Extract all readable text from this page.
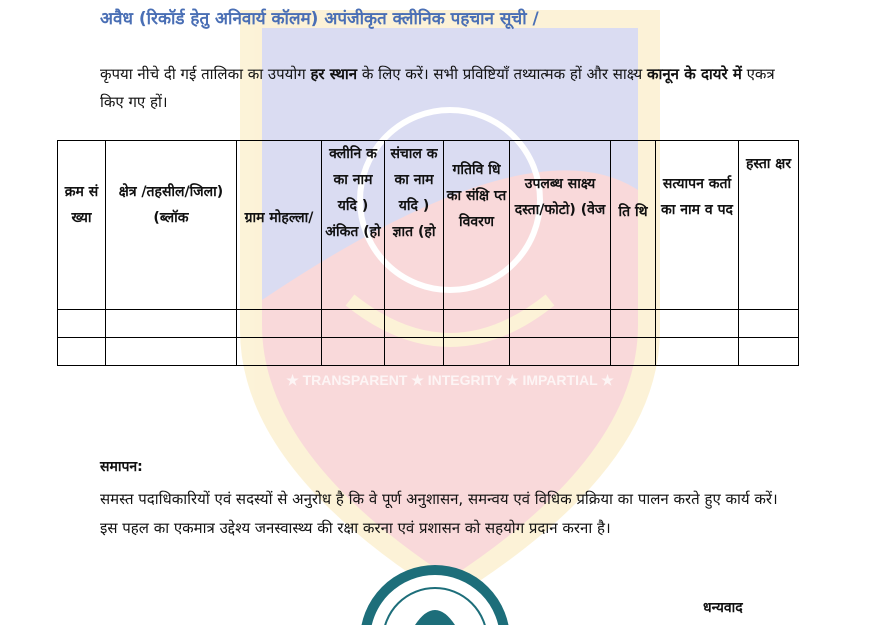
★ TRANSPARENT ★ INTEGRITY ★ IMPARTIAL ★
अवैध (रिकॉर्ड हेतु अनिवार्य कॉलम) अपंजीकृत क्लीनिक पहचान सूची /
कृपया नीचे दी गई तालिका का उपयोग हर स्थान के लिए करें। सभी प्रविष्टियाँ तथ्यात्मक हों और साक्ष्य कानून के दायरे में एकत्र किए गए हों।
क्रम सं ख्या	क्षेत्र /तहसील/जिला) (ब्लॉक	ग्राम मोहल्ला/	क्लीनि क का नाम यदि ) अंकित (हो	संचाल क का नाम यदि ) ज्ञात (हो	गतिवि धि का संक्षि प्त विवरण	उपलब्ध साक्ष्य दस्ता/फोटो) (वेज	ति थि	सत्यापन कर्ता का नाम व पद	हस्ता क्षर

समापन:
समस्त पदाधिकारियों एवं सदस्यों से अनुरोध है कि वे पूर्ण अनुशासन, समन्वय एवं विधिक प्रक्रिया का पालन करते हुए कार्य करें। इस पहल का एकमात्र उद्देश्य जनस्वास्थ्य की रक्षा करना एवं प्रशासन को सहयोग प्रदान करना है।
धन्यवाद
